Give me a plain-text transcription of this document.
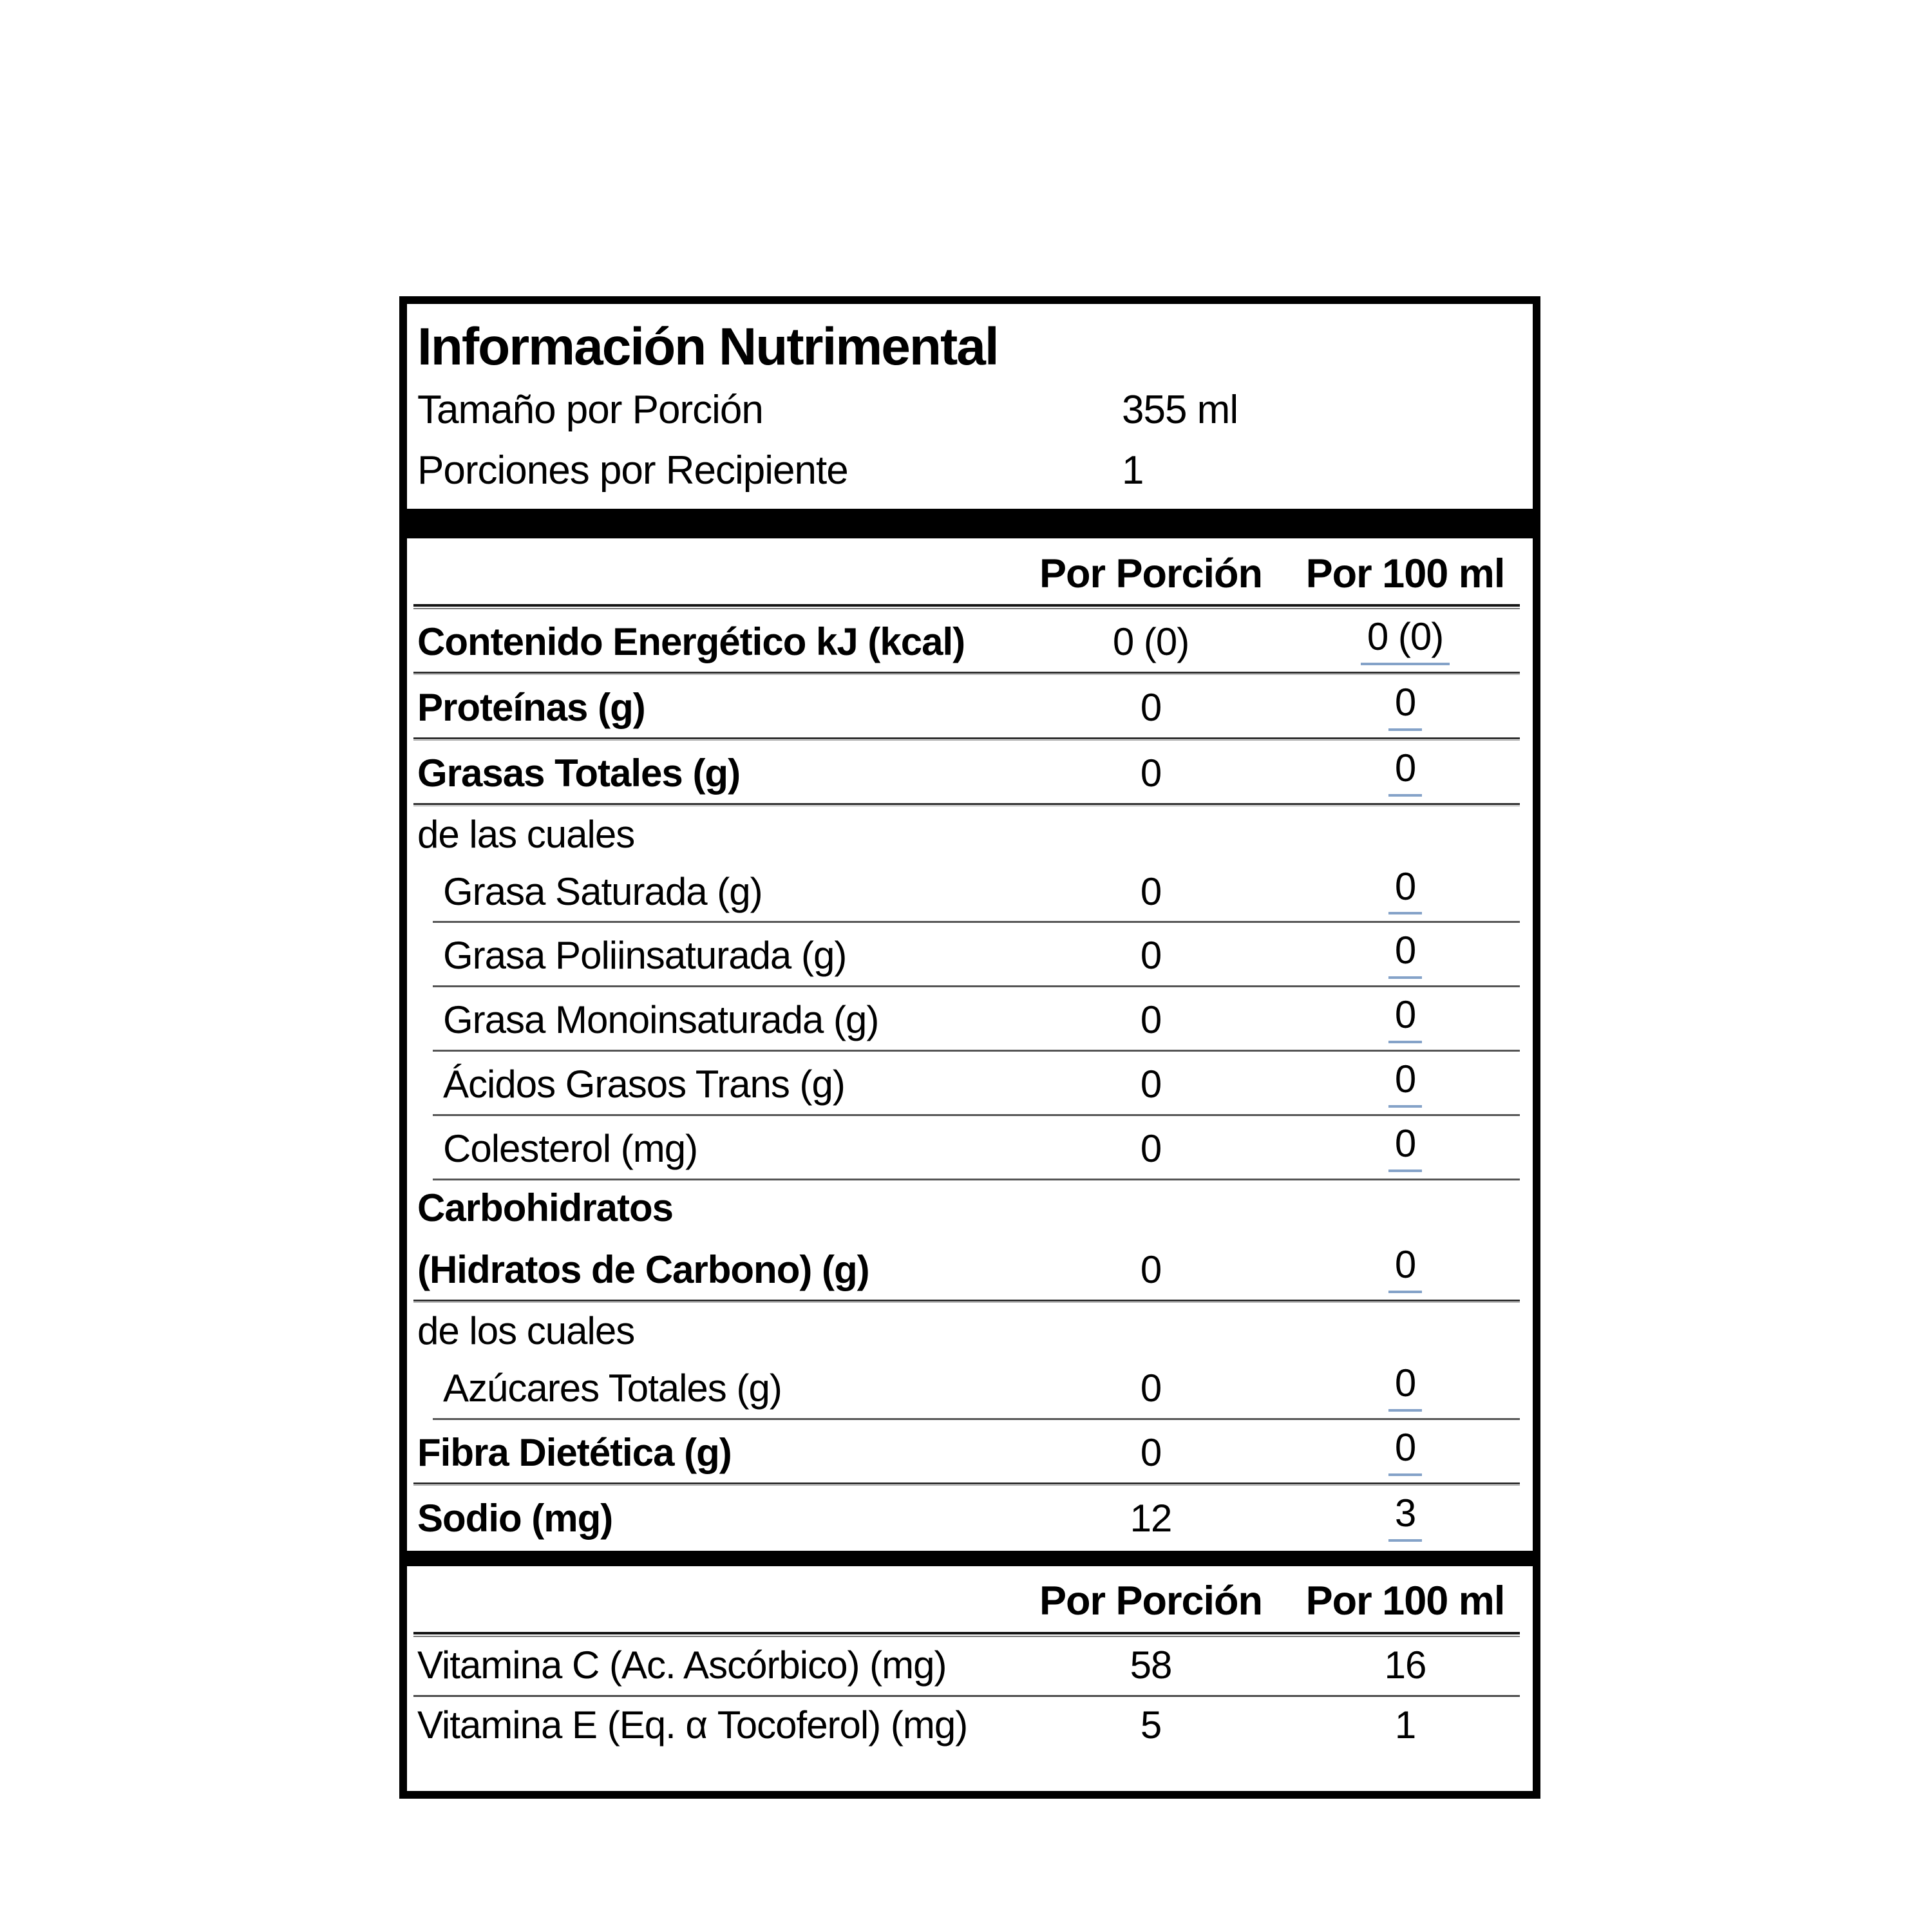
Información Nutrimental
Tamaño por Porción	355 ml
Porciones por Recipiente	1
Por Porción	Por 100 ml
Contenido Energético kJ (kcal)	0 (0)	0 (0)
Proteínas (g)	0	0
Grasas Totales (g)	0	0
de las cuales
Grasa Saturada (g)	0	0
Grasa Poliinsaturada (g)	0	0
Grasa Monoinsaturada (g)	0	0
Ácidos Grasos Trans (g)	0	0
Colesterol (mg)	0	0
Carbohidratos
(Hidratos de Carbono) (g)	0	0
de los cuales
Azúcares Totales (g)	0	0
Fibra Dietética (g)	0	0
Sodio (mg)	12	3
Por Porción	Por 100 ml
Vitamina C (Ac. Ascórbico) (mg)	58	16
Vitamina E (Eq. α Tocoferol) (mg)	5	1
